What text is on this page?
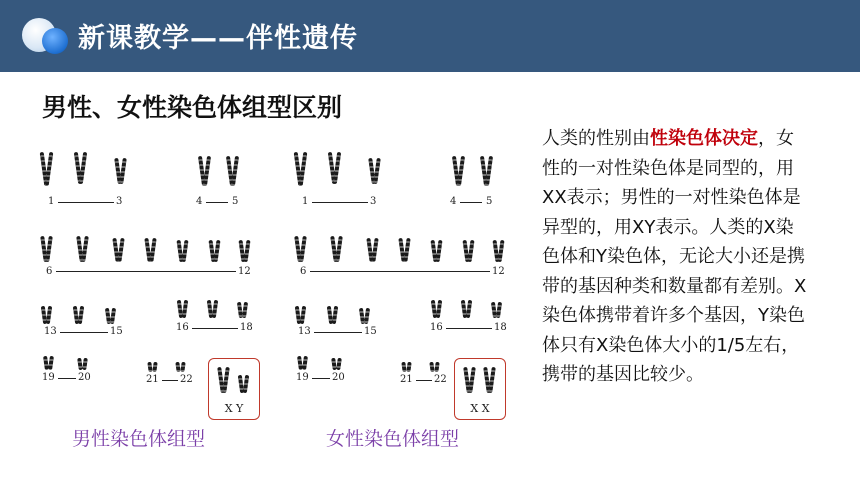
新课教学——伴性遗传
男性、女性染色体组型区别
1	3	4	5
6	12
13	15	16	18
19 20	21 22
X Y
1	3	4	5
6	12
13	15	16	18
19 20	21 22
X X
男性染色体组型	女性染色体组型
人类的性别由性染色体决定，女性的一对性染色体是同型的，用XX表示；男性的一对性染色体是异型的，用XY表示。人类的X染色体和Y染色体，无论大小还是携带的基因种类和数量都有差别。X染色体携带着许多个基因，Y染色体只有X染色体大小的1/5左右，携带的基因比较少。
